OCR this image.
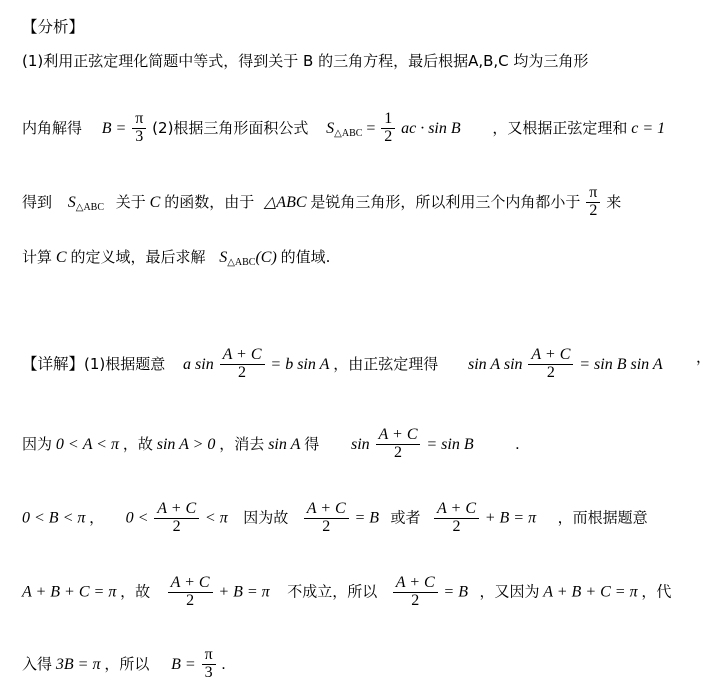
【分析】
(1)利用正弦定理化简题中等式，得到关于 B 的三角方程，最后根据A,B,C 均为三角形
内角解得 $B = \frac{\pi}{3} (2)$根据三角形面积公式 $S_{\triangle ABC} = \frac{1}{2}$ ac · sin B ，又根据正弦定理和 c = 1
得到 $S_{\triangle ABC}$ 关于 C 的函数，由于 △ABC 是锐角三角形，所以利用三个内角都小于 $\frac{\pi}{2}$ 来
计算 C 的定义域，最后求解 $S_{\triangle ABC}(C)$ 的值域.
【详解】(1)根据题意 a $\sin \frac{A + C}{2} = b$ sin A ，由正弦定理得 sin A $\sin \frac{A + C}{2} = \sin B$ sin A ，
因为 0 < A < π ，故 sin A > 0 ，消去 sin A 得 $\sin \frac{A + C}{2} = \sin B$	.
0 < B < π ， $0 < \frac{A + C}{2} < \pi$ 因为故 $\frac{A + C}{2} = B$ 或者 $\frac{A + C}{2} + B = \pi$ ，而根据题意
A + B + C = π ，故 $\frac{A + C}{2} + B = \pi$ 不成立，所以 $\frac{A + C}{2} = B$ ，又因为 A + B + C = π ，代
入得 3B = π ，所以 $B = \frac{\pi}{3}$ .
